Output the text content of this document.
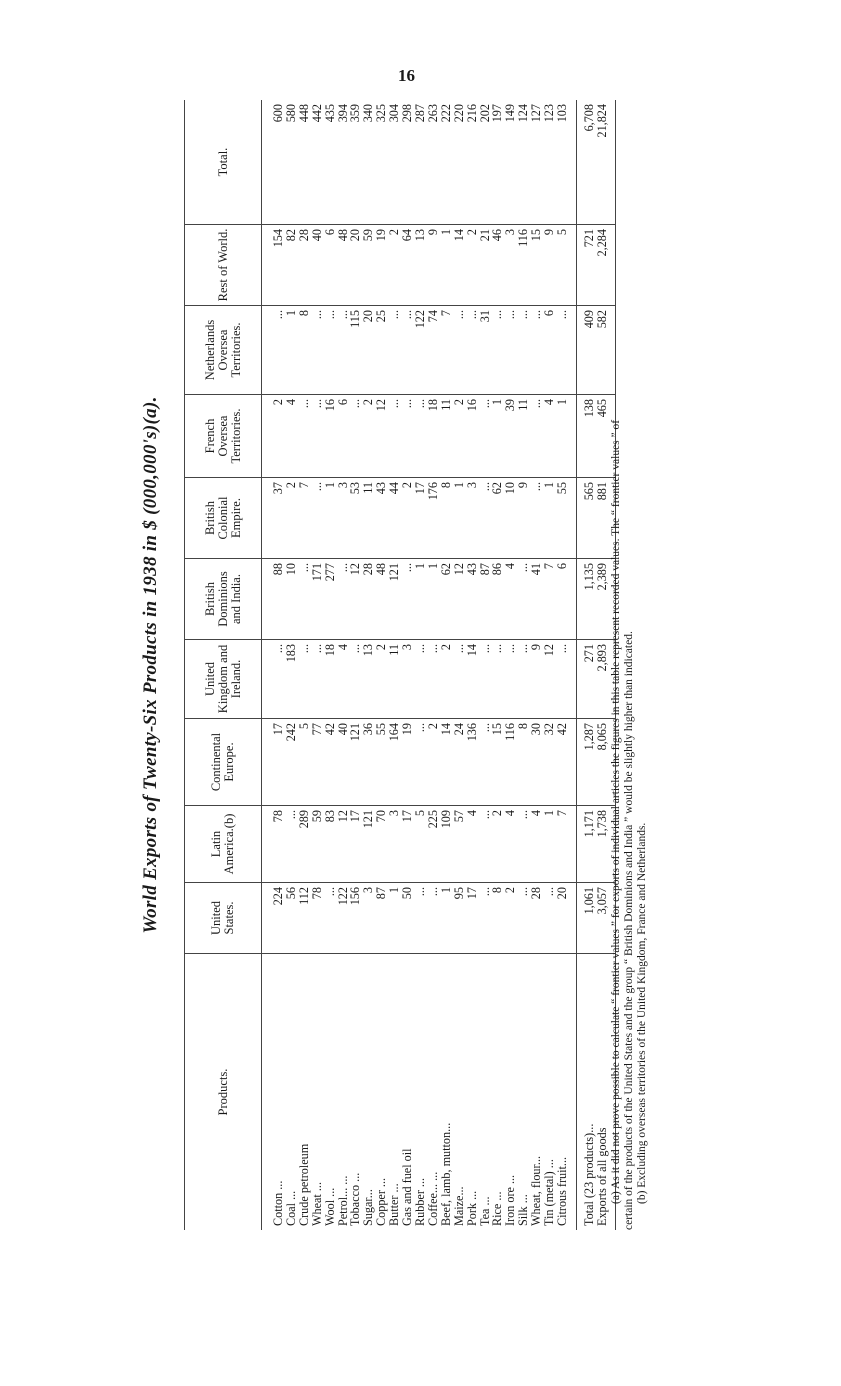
16
World Exports of Twenty-Six Products in 1938 in $ (000,000's)(a).
Products.	United States.	Latin America.(b)	Continental Europe.	United Kingdom and Ireland.	British Dominions and India.	British Colonial Empire.	French Oversea Territories.	Netherlands Oversea Territories.	Rest of World.	Total.
Cotton ...	224	78	17	...	88	37	2	...	154	600
Coal ...	56	...	242	183	10	2	4	1	82	580
Crude petroleum	112	289	5	...	...	7	...	8	28	448
Wheat ...	78	59	77	...	171	...	...	...	40	442
Wool ...	...	83	42	18	277	1	16	...	6	435
Petrol... ...	122	12	40	4	...	3	6	...	48	394
Tobacco ...	156	17	121	...	12	53	...	115	20	359
Sugar...	3	121	36	13	28	11	2	20	59	340
Copper ...	87	70	55	2	48	43	12	25	19	325
Butter ...	1	3	164	11	121	44	...	...	2	304
Gas and fuel oil	50	17	19	3	...	2	...	...	64	298
Rubber ...	...	5	...	...	1	17	...	122	13	287
Coffee... ...	...	225	2	...	1	176	18	74	9	263
Beef, lamb, mutton...	1	109	14	2	62	8	11	7	1	222
Maize...	95	57	24	...	12	1	2	...	14	220
Pork ...	17	4	136	14	43	3	16	...	2	216
Tea ...	...	...	...	...	87	...	...	31	21	202
Rice ...	8	2	15	...	86	62	1	...	46	197
Iron ore ...	2	4	116	...	4	10	39	...	3	149
Silk ...	...	...	8	...	...	9	11	...	116	124
Wheat, flour...	28	4	30	9	41	...	...	...	15	127
Tin (metal) ...	...	1	32	12	7	1	4	6	9	123
Citrous fruit...	20	7	42	...	6	55	1	...	5	103
Total (23 products)...	1,061	1,171	1,287	271	1,135	565	138	409	721	6,708
Exports of all goods	3,057	1,738	8,065	2,893	2,389	881	465	582	2,284	21,824

(a) As it did not prove possible to calculate “ frontier values ” for exports of individual articles the figures in this table represent recorded values. The “ frontier values ” of certain of the products of the United States and the group “ British Dominions and India ” would be slightly higher than indicated. (b) Excluding overseas territories of the United Kingdom, France and Netherlands.
